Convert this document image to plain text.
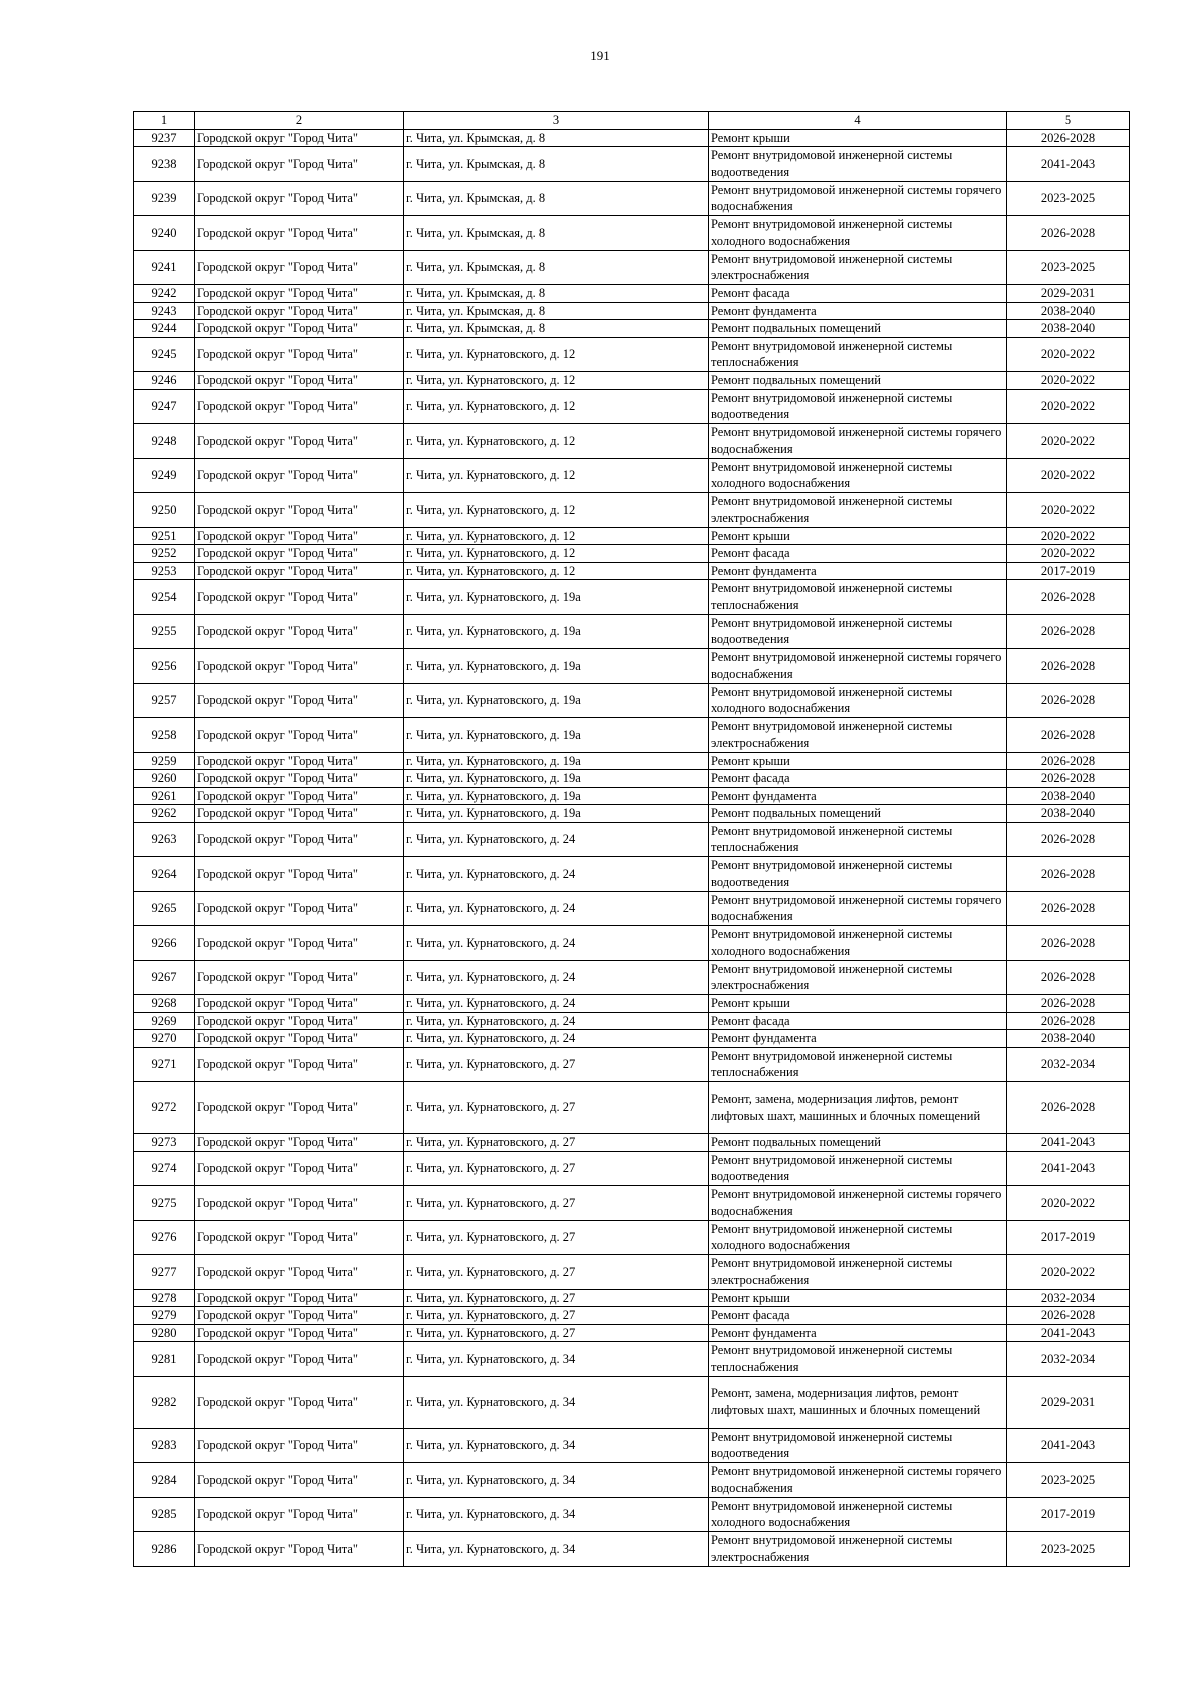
191
1	2	3	4	5
9237	Городской округ "Город Чита"	г. Чита, ул. Крымская, д. 8	Ремонт крыши	2026-2028
9238	Городской округ "Город Чита"	г. Чита, ул. Крымская, д. 8	Ремонт внутридомовой инженерной системы водоотведения	2041-2043
9239	Городской округ "Город Чита"	г. Чита, ул. Крымская, д. 8	Ремонт внутридомовой инженерной системы горячего водоснабжения	2023-2025
9240	Городской округ "Город Чита"	г. Чита, ул. Крымская, д. 8	Ремонт внутридомовой инженерной системы холодного водоснабжения	2026-2028
9241	Городской округ "Город Чита"	г. Чита, ул. Крымская, д. 8	Ремонт внутридомовой инженерной системы электроснабжения	2023-2025
9242	Городской округ "Город Чита"	г. Чита, ул. Крымская, д. 8	Ремонт фасада	2029-2031
9243	Городской округ "Город Чита"	г. Чита, ул. Крымская, д. 8	Ремонт фундамента	2038-2040
9244	Городской округ "Город Чита"	г. Чита, ул. Крымская, д. 8	Ремонт подвальных помещений	2038-2040
9245	Городской округ "Город Чита"	г. Чита, ул. Курнатовского, д. 12	Ремонт внутридомовой инженерной системы теплоснабжения	2020-2022
9246	Городской округ "Город Чита"	г. Чита, ул. Курнатовского, д. 12	Ремонт подвальных помещений	2020-2022
9247	Городской округ "Город Чита"	г. Чита, ул. Курнатовского, д. 12	Ремонт внутридомовой инженерной системы водоотведения	2020-2022
9248	Городской округ "Город Чита"	г. Чита, ул. Курнатовского, д. 12	Ремонт внутридомовой инженерной системы горячего водоснабжения	2020-2022
9249	Городской округ "Город Чита"	г. Чита, ул. Курнатовского, д. 12	Ремонт внутридомовой инженерной системы холодного водоснабжения	2020-2022
9250	Городской округ "Город Чита"	г. Чита, ул. Курнатовского, д. 12	Ремонт внутридомовой инженерной системы электроснабжения	2020-2022
9251	Городской округ "Город Чита"	г. Чита, ул. Курнатовского, д. 12	Ремонт крыши	2020-2022
9252	Городской округ "Город Чита"	г. Чита, ул. Курнатовского, д. 12	Ремонт фасада	2020-2022
9253	Городской округ "Город Чита"	г. Чита, ул. Курнатовского, д. 12	Ремонт фундамента	2017-2019
9254	Городской округ "Город Чита"	г. Чита, ул. Курнатовского, д. 19а	Ремонт внутридомовой инженерной системы теплоснабжения	2026-2028
9255	Городской округ "Город Чита"	г. Чита, ул. Курнатовского, д. 19а	Ремонт внутридомовой инженерной системы водоотведения	2026-2028
9256	Городской округ "Город Чита"	г. Чита, ул. Курнатовского, д. 19а	Ремонт внутридомовой инженерной системы горячего водоснабжения	2026-2028
9257	Городской округ "Город Чита"	г. Чита, ул. Курнатовского, д. 19а	Ремонт внутридомовой инженерной системы холодного водоснабжения	2026-2028
9258	Городской округ "Город Чита"	г. Чита, ул. Курнатовского, д. 19а	Ремонт внутридомовой инженерной системы электроснабжения	2026-2028
9259	Городской округ "Город Чита"	г. Чита, ул. Курнатовского, д. 19а	Ремонт крыши	2026-2028
9260	Городской округ "Город Чита"	г. Чита, ул. Курнатовского, д. 19а	Ремонт фасада	2026-2028
9261	Городской округ "Город Чита"	г. Чита, ул. Курнатовского, д. 19а	Ремонт фундамента	2038-2040
9262	Городской округ "Город Чита"	г. Чита, ул. Курнатовского, д. 19а	Ремонт подвальных помещений	2038-2040
9263	Городской округ "Город Чита"	г. Чита, ул. Курнатовского, д. 24	Ремонт внутридомовой инженерной системы теплоснабжения	2026-2028
9264	Городской округ "Город Чита"	г. Чита, ул. Курнатовского, д. 24	Ремонт внутридомовой инженерной системы водоотведения	2026-2028
9265	Городской округ "Город Чита"	г. Чита, ул. Курнатовского, д. 24	Ремонт внутридомовой инженерной системы горячего водоснабжения	2026-2028
9266	Городской округ "Город Чита"	г. Чита, ул. Курнатовского, д. 24	Ремонт внутридомовой инженерной системы холодного водоснабжения	2026-2028
9267	Городской округ "Город Чита"	г. Чита, ул. Курнатовского, д. 24	Ремонт внутридомовой инженерной системы электроснабжения	2026-2028
9268	Городской округ "Город Чита"	г. Чита, ул. Курнатовского, д. 24	Ремонт крыши	2026-2028
9269	Городской округ "Город Чита"	г. Чита, ул. Курнатовского, д. 24	Ремонт фасада	2026-2028
9270	Городской округ "Город Чита"	г. Чита, ул. Курнатовского, д. 24	Ремонт фундамента	2038-2040
9271	Городской округ "Город Чита"	г. Чита, ул. Курнатовского, д. 27	Ремонт внутридомовой инженерной системы теплоснабжения	2032-2034
9272	Городской округ "Город Чита"	г. Чита, ул. Курнатовского, д. 27	Ремонт, замена, модернизация лифтов, ремонт лифтовых шахт, машинных и блочных помещений	2026-2028
9273	Городской округ "Город Чита"	г. Чита, ул. Курнатовского, д. 27	Ремонт подвальных помещений	2041-2043
9274	Городской округ "Город Чита"	г. Чита, ул. Курнатовского, д. 27	Ремонт внутридомовой инженерной системы водоотведения	2041-2043
9275	Городской округ "Город Чита"	г. Чита, ул. Курнатовского, д. 27	Ремонт внутридомовой инженерной системы горячего водоснабжения	2020-2022
9276	Городской округ "Город Чита"	г. Чита, ул. Курнатовского, д. 27	Ремонт внутридомовой инженерной системы холодного водоснабжения	2017-2019
9277	Городской округ "Город Чита"	г. Чита, ул. Курнатовского, д. 27	Ремонт внутридомовой инженерной системы электроснабжения	2020-2022
9278	Городской округ "Город Чита"	г. Чита, ул. Курнатовского, д. 27	Ремонт крыши	2032-2034
9279	Городской округ "Город Чита"	г. Чита, ул. Курнатовского, д. 27	Ремонт фасада	2026-2028
9280	Городской округ "Город Чита"	г. Чита, ул. Курнатовского, д. 27	Ремонт фундамента	2041-2043
9281	Городской округ "Город Чита"	г. Чита, ул. Курнатовского, д. 34	Ремонт внутридомовой инженерной системы теплоснабжения	2032-2034
9282	Городской округ "Город Чита"	г. Чита, ул. Курнатовского, д. 34	Ремонт, замена, модернизация лифтов, ремонт лифтовых шахт, машинных и блочных помещений	2029-2031
9283	Городской округ "Город Чита"	г. Чита, ул. Курнатовского, д. 34	Ремонт внутридомовой инженерной системы водоотведения	2041-2043
9284	Городской округ "Город Чита"	г. Чита, ул. Курнатовского, д. 34	Ремонт внутридомовой инженерной системы горячего водоснабжения	2023-2025
9285	Городской округ "Город Чита"	г. Чита, ул. Курнатовского, д. 34	Ремонт внутридомовой инженерной системы холодного водоснабжения	2017-2019
9286	Городской округ "Город Чита"	г. Чита, ул. Курнатовского, д. 34	Ремонт внутридомовой инженерной системы электроснабжения	2023-2025
